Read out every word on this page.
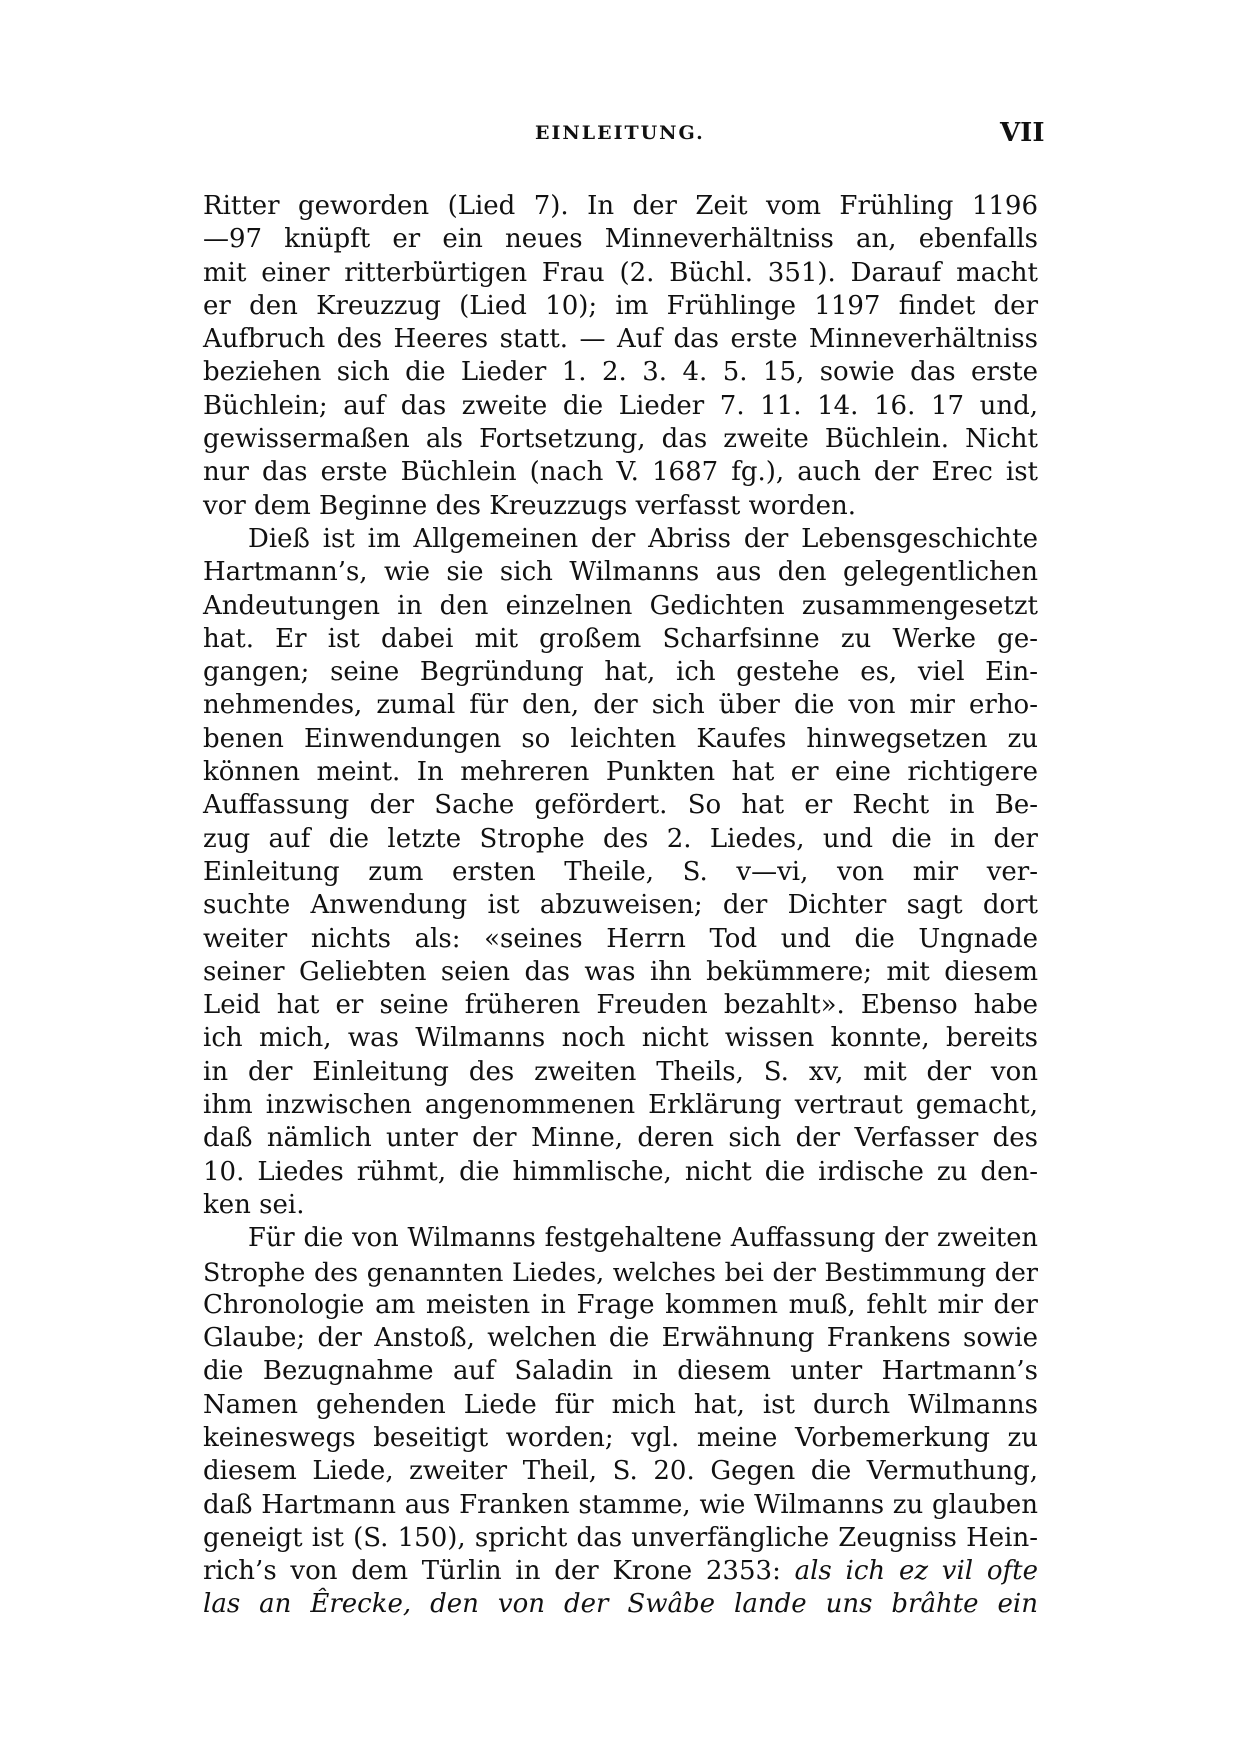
EINLEITUNG.	VII
Ritter geworden (Lied 7). In der Zeit vom Frühling 1196
—97 knüpft er ein neues Minneverhältniss an, ebenfalls
mit einer ritterbürtigen Frau (2. Büchl. 351). Darauf macht
er den Kreuzzug (Lied 10); im Frühlinge 1197 findet der
Aufbruch des Heeres statt. — Auf das erste Minneverhältniss
beziehen sich die Lieder 1. 2. 3. 4. 5. 15, sowie das erste
Büchlein; auf das zweite die Lieder 7. 11. 14. 16. 17 und,
gewissermaßen als Fortsetzung, das zweite Büchlein. Nicht
nur das erste Büchlein (nach V. 1687 fg.), auch der Erec ist
vor dem Beginne des Kreuzzugs verfasst worden.
Dieß ist im Allgemeinen der Abriss der Lebensgeschichte
Hartmann’s, wie sie sich Wilmanns aus den gelegentlichen
Andeutungen in den einzelnen Gedichten zusammengesetzt
hat. Er ist dabei mit großem Scharfsinne zu Werke ge-
gangen; seine Begründung hat, ich gestehe es, viel Ein-
nehmendes, zumal für den, der sich über die von mir erho-
benen Einwendungen so leichten Kaufes hinwegsetzen zu
können meint. In mehreren Punkten hat er eine richtigere
Auffassung der Sache gefördert. So hat er Recht in Be-
zug auf die letzte Strophe des 2. Liedes, und die in der
Einleitung zum ersten Theile, S. v—vi, von mir ver-
suchte Anwendung ist abzuweisen; der Dichter sagt dort
weiter nichts als: «seines Herrn Tod und die Ungnade
seiner Geliebten seien das was ihn bekümmere; mit diesem
Leid hat er seine früheren Freuden bezahlt». Ebenso habe
ich mich, was Wilmanns noch nicht wissen konnte, bereits
in der Einleitung des zweiten Theils, S. xv, mit der von
ihm inzwischen angenommenen Erklärung vertraut gemacht,
daß nämlich unter der Minne, deren sich der Verfasser des
10. Liedes rühmt, die himmlische, nicht die irdische zu den-
ken sei.
Für die von Wilmanns festgehaltene Auffassung der zweiten
Strophe des genannten Liedes, welches bei der Bestimmung der
Chronologie am meisten in Frage kommen muß, fehlt mir der
Glaube; der Anstoß, welchen die Erwähnung Frankens sowie
die Bezugnahme auf Saladin in diesem unter Hartmann’s
Namen gehenden Liede für mich hat, ist durch Wilmanns
keineswegs beseitigt worden; vgl. meine Vorbemerkung zu
diesem Liede, zweiter Theil, S. 20. Gegen die Vermuthung,
daß Hartmann aus Franken stamme, wie Wilmanns zu glauben
geneigt ist (S. 150), spricht das unverfängliche Zeugniss Hein-
rich’s von dem Türlin in der Krone 2353: als ich ez vil ofte
las an Êrecke, den von der Swâbe lande uns brâhte ein
